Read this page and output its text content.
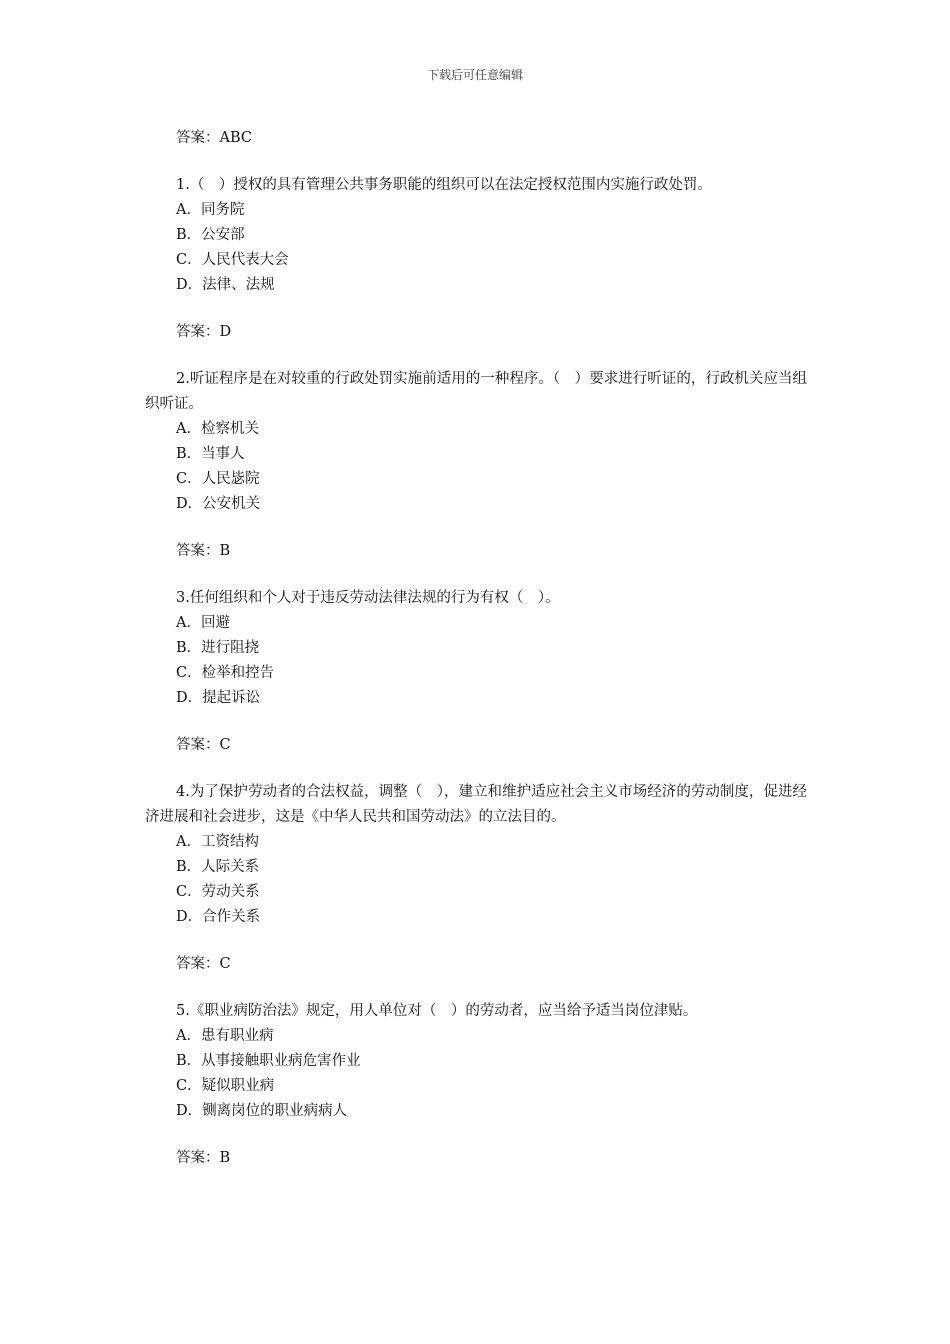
下载后可任意编辑
答案：ABC
1.（　）授权的具有管理公共事务职能的组织可以在法定授权范围内实施行政处罚。
A．同务院
B．公安部
C．人民代表大会
D．法律、法规
答案：D
2.听证程序是在对较重的行政处罚实施前适用的一种程序。（　）要求进行听证的，行政机关应当组织听证。
A．检察机关
B．当事人
C．人民毖院
D．公安机关
答案：B
3.任何组织和个人对于违反劳动法律法规的行为有权（　）。
A．回避
B．进行阻挠
C．检举和控告
D．提起诉讼
答案：C
4.为了保护劳动者的合法权益，调整（　），建立和维护适应社会主义市场经济的劳动制度，促进经济进展和社会进步，这是《中华人民共和国劳动法》的立法目的。
A．工资结构
B．人际关系
C．劳动关系
D．合作关系
答案：C
5.《职业病防治法》规定，用人单位对（　）的劳动者，应当给予适当岗位津贴。
A．患有职业病
B．从事接触职业病危害作业
C．疑似职业病
D．铡离岗位的职业病病人
答案：B
